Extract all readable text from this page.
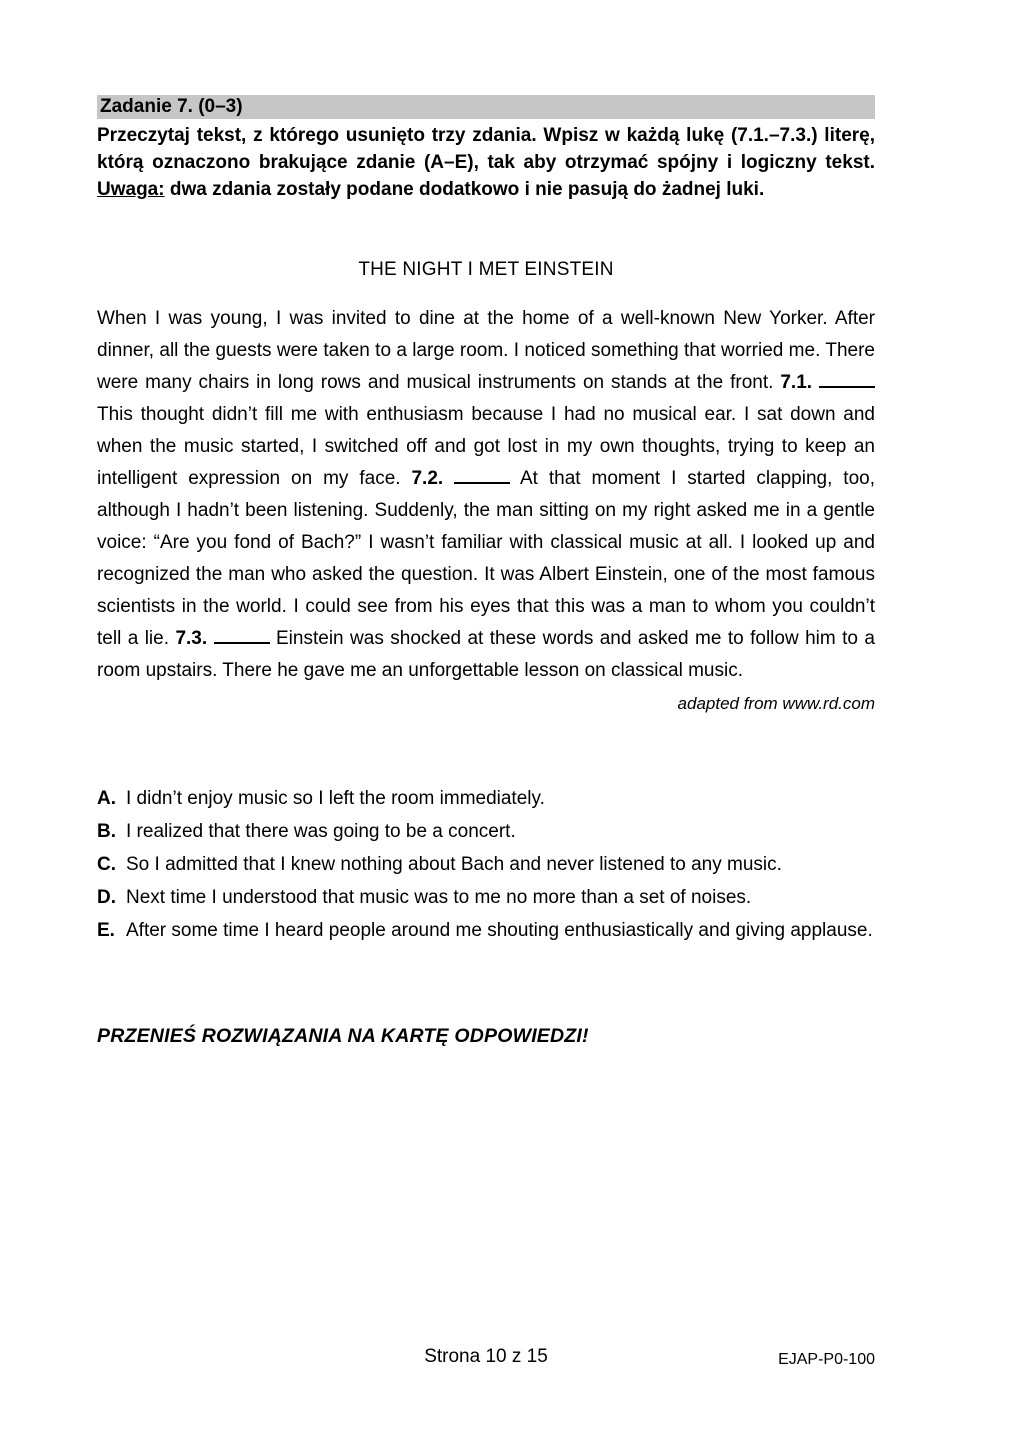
Zadanie 7. (0–3)
Przeczytaj tekst, z którego usunięto trzy zdania. Wpisz w każdą lukę (7.1.–7.3.) literę, którą oznaczono brakujące zdanie (A–E), tak aby otrzymać spójny i logiczny tekst.
Uwaga: dwa zdania zostały podane dodatkowo i nie pasują do żadnej luki.
THE NIGHT I MET EINSTEIN
When I was young, I was invited to dine at the home of a well-known New Yorker. After dinner, all the guests were taken to a large room. I noticed something that worried me. There were many chairs in long rows and musical instruments on stands at the front. 7.1.  This thought didn’t fill me with enthusiasm because I had no musical ear. I sat down and when the music started, I switched off and got lost in my own thoughts, trying to keep an intelligent expression on my face. 7.2.	At that moment I started clapping, too, although I hadn’t been listening. Suddenly, the man sitting on my right asked me in a gentle voice: “Are you fond of Bach?” I wasn’t familiar with classical music at all. I looked up and recognized the man who asked the question. It was Albert Einstein, one of the most famous scientists in the world. I could see from his eyes that this was a man to whom you couldn’t tell a lie. 7.3.	Einstein was shocked at these words and asked me to follow him to a room upstairs. There he gave me an unforgettable lesson on classical music.
adapted from www.rd.com
A. I didn’t enjoy music so I left the room immediately.
B. I realized that there was going to be a concert.
C. So I admitted that I knew nothing about Bach and never listened to any music.
D. Next time I understood that music was to me no more than a set of noises.
E. After some time I heard people around me shouting enthusiastically and giving applause.
PRZENIEŚ ROZWIĄZANIA NA KARTĘ ODPOWIEDZI!
Strona 10 z 15	EJAP-P0-100
